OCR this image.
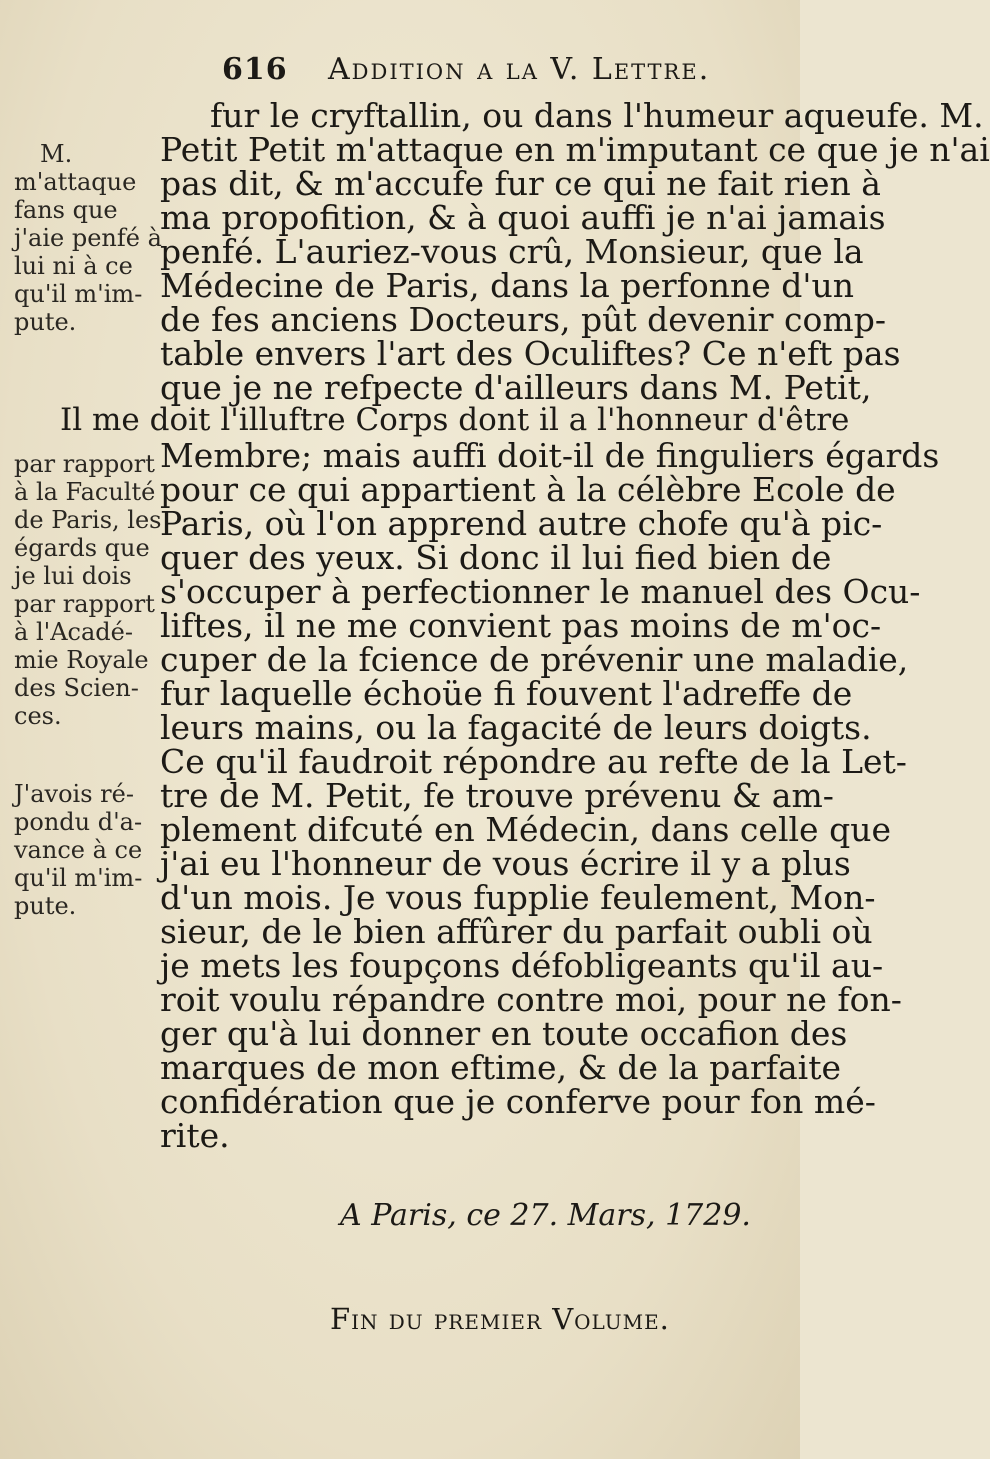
616 Addition a la V. Lettre.
M.
m'attaque
fans que
j'aie penfé à
lui ni à ce
qu'il m'im-
pute.
par rapport
à la Faculté
de Paris, les
égards que
je lui dois
par rapport
à l'Acadé-
mie Royale
des Scien-
ces.
J'avois ré-
pondu d'a-
vance à ce
qu'il m'im-
pute.
fur le cryftallin, ou dans l'humeur aqueufe. M.
Petit Petit m'attaque en m'imputant ce que je n'ai
pas dit, & m'accufe fur ce qui ne fait rien à
ma propofition, & à quoi auffi je n'ai jamais
penfé. L'auriez-vous crû, Monsieur, que la
Médecine de Paris, dans la perfonne d'un
de fes anciens Docteurs, pût devenir comp-
table envers l'art des Oculiftes? Ce n'eft pas
que je ne refpecte d'ailleurs dans M. Petit,
Il me doit l'illuftre Corps dont il a l'honneur d'être
Membre; mais auffi doit-il de finguliers égards
pour ce qui appartient à la célèbre Ecole de
Paris, où l'on apprend autre chofe qu'à pic-
quer des yeux. Si donc il lui fied bien de
s'occuper à perfectionner le manuel des Ocu-
liftes, il ne me convient pas moins de m'oc-
cuper de la fcience de prévenir une maladie,
fur laquelle échoüe fi fouvent l'adreffe de
leurs mains, ou la fagacité de leurs doigts.
Ce qu'il faudroit répondre au refte de la Let-
tre de M. Petit, fe trouve prévenu & am-
plement difcuté en Médecin, dans celle que
j'ai eu l'honneur de vous écrire il y a plus
d'un mois. Je vous fupplie feulement, Mon-
sieur, de le bien affûrer du parfait oubli où
je mets les foupçons défobligeants qu'il au-
roit voulu répandre contre moi, pour ne fon-
ger qu'à lui donner en toute occafion des
marques de mon eftime, & de la parfaite
confidération que je conferve pour fon mé-
rite.
A Paris, ce 27. Mars, 1729.
Fin du premier Volume.
